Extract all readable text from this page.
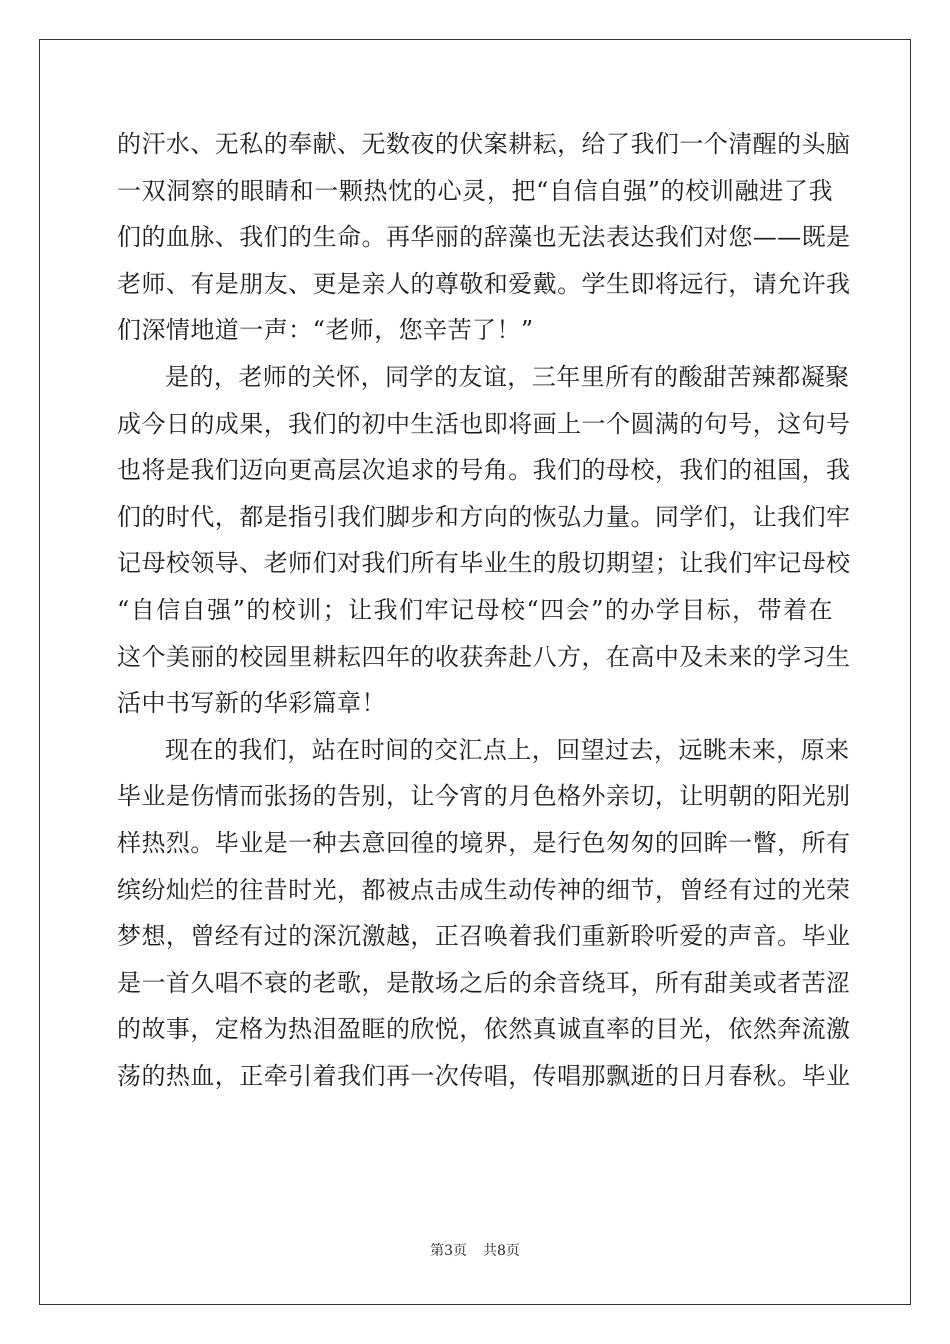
的汗水、无私的奉献、无数夜的伏案耕耘，给了我们一个清醒的头脑
一双洞察的眼睛和一颗热忱的心灵，把“自信自强”的校训融进了我
们的血脉、我们的生命。再华丽的辞藻也无法表达我们对您——既是
老师、有是朋友、更是亲人的尊敬和爱戴。学生即将远行，请允许我
们深情地道一声：“老师，您辛苦了！”
是的，老师的关怀，同学的友谊，三年里所有的酸甜苦辣都凝聚
成今日的成果，我们的初中生活也即将画上一个圆满的句号，这句号
也将是我们迈向更高层次追求的号角。我们的母校，我们的祖国，我
们的时代，都是指引我们脚步和方向的恢弘力量。同学们，让我们牢
记母校领导、老师们对我们所有毕业生的殷切期望；让我们牢记母校
“自信自强”的校训；让我们牢记母校“四会”的办学目标，带着在
这个美丽的校园里耕耘四年的收获奔赴八方，在高中及未来的学习生
活中书写新的华彩篇章！
现在的我们，站在时间的交汇点上，回望过去，远眺未来，原来
毕业是伤情而张扬的告别，让今宵的月色格外亲切，让明朝的阳光别
样热烈。毕业是一种去意回徨的境界，是行色匆匆的回眸一瞥，所有
缤纷灿烂的往昔时光，都被点击成生动传神的细节，曾经有过的光荣
梦想，曾经有过的深沉激越，正召唤着我们重新聆听爱的声音。毕业
是一首久唱不衰的老歌，是散场之后的余音绕耳，所有甜美或者苦涩
的故事，定格为热泪盈眶的欣悦，依然真诚直率的目光，依然奔流激
荡的热血，正牵引着我们再一次传唱，传唱那飘逝的日月春秋。毕业
第3页 共8页
